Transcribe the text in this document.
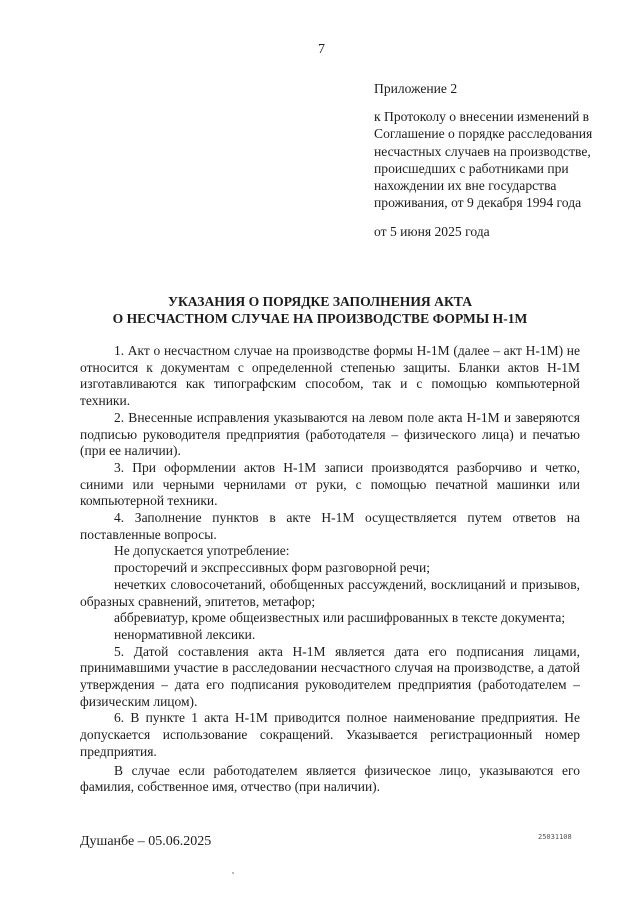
7

Приложение 2

к Протоколу о внесении изменений в Соглашение о порядке расследования несчастных случаев на производстве, происшедших с работниками при нахождении их вне государства проживания, от 9 декабря 1994 года

от 5 июня 2025 года

УКАЗАНИЯ О ПОРЯДКЕ ЗАПОЛНЕНИЯ АКТА
О НЕСЧАСТНОМ СЛУЧАЕ НА ПРОИЗВОДСТВЕ ФОРМЫ Н-1М

1. Акт о несчастном случае на производстве формы Н-1М (далее – акт Н-1М) не относится к документам с определенной степенью защиты. Бланки актов Н-1М изготавливаются как типографским способом, так и с помощью компьютерной техники.

2. Внесенные исправления указываются на левом поле акта Н-1М и заверяются подписью руководителя предприятия (работодателя – физического лица) и печатью (при ее наличии).

3. При оформлении актов Н-1М записи производятся разборчиво и четко, синими или черными чернилами от руки, с помощью печатной машинки или компьютерной техники.

4. Заполнение пунктов в акте Н-1М осуществляется путем ответов на поставленные вопросы.

Не допускается употребление:

просторечий и экспрессивных форм разговорной речи;

нечетких словосочетаний, обобщенных рассуждений, восклицаний и призывов, образных сравнений, эпитетов, метафор;

аббревиатур, кроме общеизвестных или расшифрованных в тексте документа;

ненормативной лексики.

5. Датой составления акта Н-1М является дата его подписания лицами, принимавшими участие в расследовании несчастного случая на производстве, а датой утверждения – дата его подписания руководителем предприятия (работодателем – физическим лицом).

6. В пункте 1 акта Н-1М приводится полное наименование предприятия. Не допускается использование сокращений. Указывается регистрационный номер предприятия.

В случае если работодателем является физическое лицо, указываются его фамилия, собственное имя, отчество (при наличии).

Душанбе – 05.06.2025	25031108
